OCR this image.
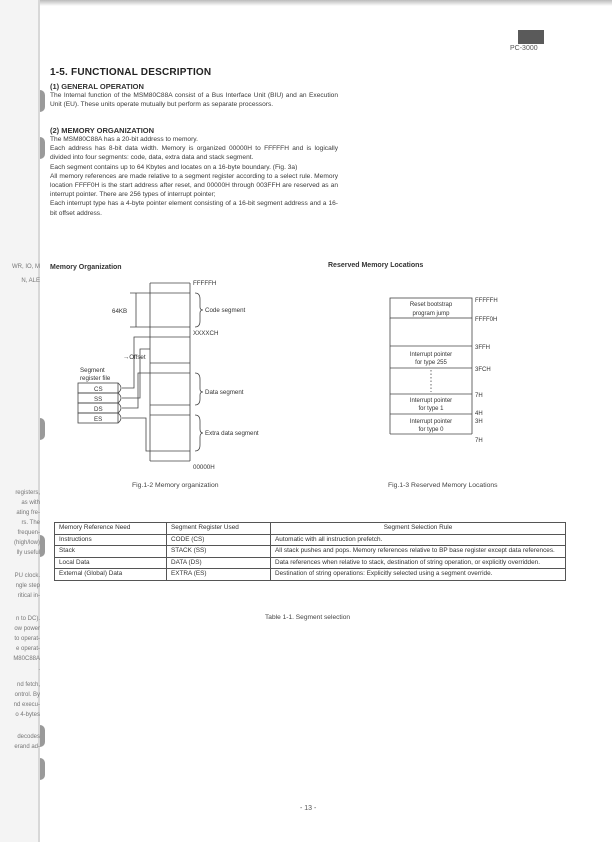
WR, IO, M
N, ALE
registers,
as with
ating fre-
rs. The
frequen-
(high/low)
lly useful
PU clock.
ngle step
ritical in-
n to DC).
ow power
to operat-
e operat-
M80C88A
.
nd fetch,
ontrol. By
nd execu-
o 4-bytes
decodes
erand ad-
PC-3000
1-5. FUNCTIONAL DESCRIPTION
(1) GENERAL OPERATION

The Internal function of the MSM80C88A consist of a Bus Interface Unit (BIU) and an Execution Unit (EU). These units operate mutually but perform as separate processors.

(2) MEMORY ORGANIZATION

The MSM80C88A has a 20-bit address to memory.

Each address has 8-bit data width. Memory is organized 00000H to FFFFFH and is logically divided into four segments: code, data, extra data and stack segment.

Each segment contains up to 64 Kbytes and locates on a 16-byte boundary. (Fig. 3a)

All memory references are made relative to a segment register according to a select rule. Memory location FFFF0H is the start address after reset, and 00000H through 003FFH are reserved as an interrupt pointer. There are 256 types of interrupt pointer;

Each interrupt type has a 4-byte pointer element consisting of a 16-bit segment address and a 16-bit offset address.

Memory Organization
FFFFFH
64KB	Code segment
XXXXCH
→Offset
Segment
register file
CS
SS
DS
ES
Data segment
Extra data segment
00000H
Fig.1-2 Memory organization
Reserved Memory Locations
Reset bootstrap
program jump
Interrupt pointer
for type 255
Interrupt pointer
for type 1
Interrupt pointer
for type 0
FFFFFH
FFFF0H
3FFH
3FCH
7H
4H
3H
7H
Fig.1-3 Reserved Memory Locations
Memory Reference Need	Segment Register Used	Segment Selection Rule
Instructions	CODE (CS)	Automatic with all instruction prefetch.
Stack	STACK (SS)	All stack pushes and pops. Memory references relative to BP base register except data references.
Local Data	DATA (DS)	Data references when relative to stack, destination of string operation, or explicitly overridden.
External (Global) Data	EXTRA (ES)	Destination of string operations: Explicitly selected using a segment override.
Table 1-1. Segment selection
- 13 -
